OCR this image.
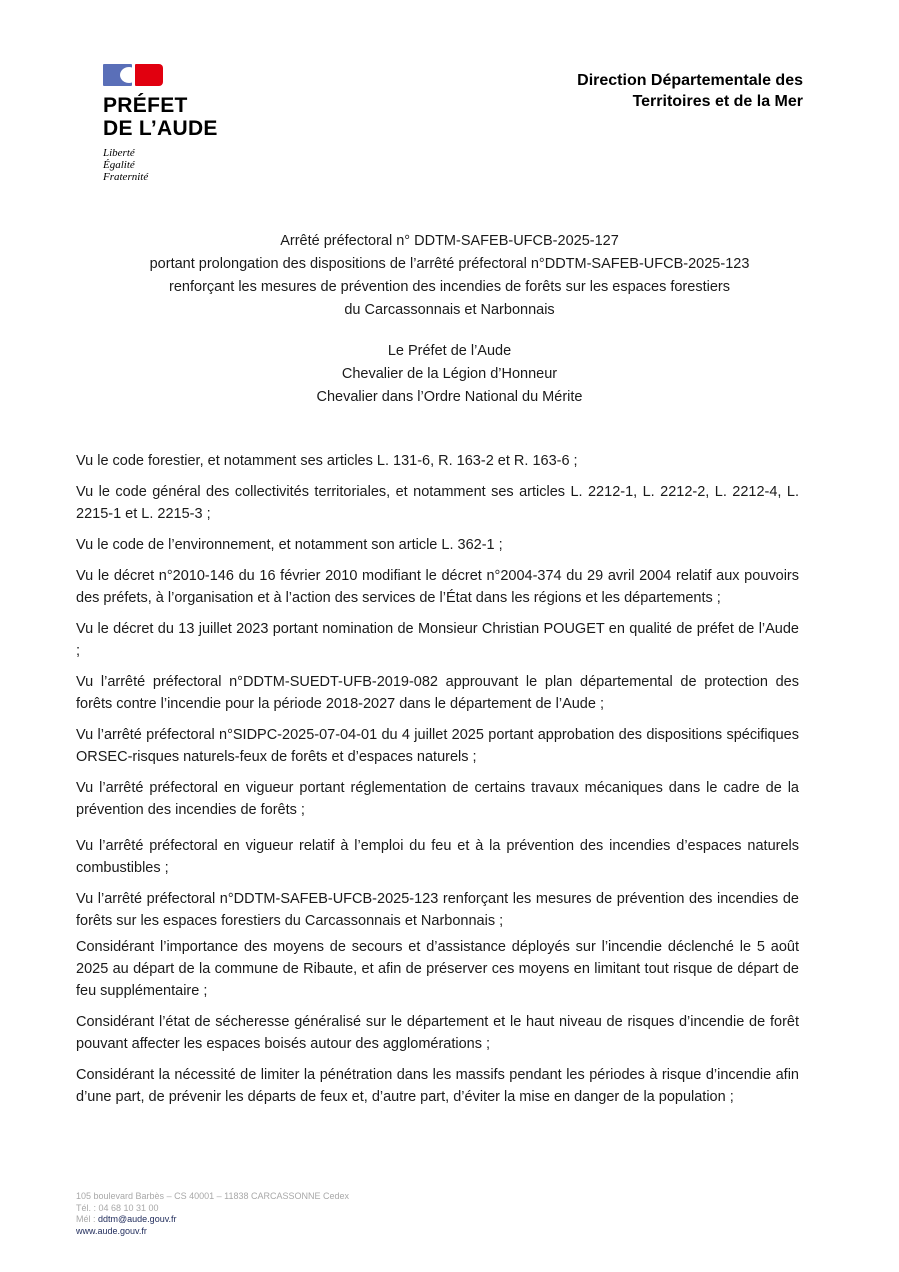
PRÉFET
DE L’AUDE
Liberté
Égalité
Fraternité
Direction Départementale des
Territoires et de la Mer
Arrêté préfectoral n° DDTM-SAFEB-UFCB-2025-127
portant prolongation des dispositions de l’arrêté préfectoral n°DDTM-SAFEB-UFCB-2025-123
renforçant les mesures de prévention des incendies de forêts sur les espaces forestiers
du Carcassonnais et Narbonnais
Le Préfet de l’Aude
Chevalier de la Légion d’Honneur
Chevalier dans l’Ordre National du Mérite

Vu le code forestier, et notamment ses articles L. 131-6, R. 163-2 et R. 163-6 ;

Vu le code général des collectivités territoriales, et notamment ses articles L. 2212-1, L. 2212-2, L. 2212-4, L. 2215-1 et L. 2215-3 ;

Vu le code de l’environnement, et notamment son article L. 362-1 ;

Vu le décret n°2010-146 du 16 février 2010 modifiant le décret n°2004-374 du 29 avril 2004 relatif aux pouvoirs des préfets, à l’organisation et à l’action des services de l’État dans les régions et les départements ;

Vu le décret du 13 juillet 2023 portant nomination de Monsieur Christian POUGET en qualité de préfet de l’Aude ;

Vu l’arrêté préfectoral n°DDTM-SUEDT-UFB-2019-082 approuvant le plan départemental de protection des forêts contre l’incendie pour la période 2018-2027 dans le département de l’Aude ;

Vu l’arrêté préfectoral n°SIDPC-2025-07-04-01 du 4 juillet 2025 portant approbation des dispositions spécifiques ORSEC-risques naturels-feux de forêts et d’espaces naturels ;

Vu l’arrêté préfectoral en vigueur portant réglementation de certains travaux mécaniques dans le cadre de la prévention des incendies de forêts ;

Vu l’arrêté préfectoral en vigueur relatif à l’emploi du feu et à la prévention des incendies d’espaces naturels combustibles ;

Vu l’arrêté préfectoral n°DDTM-SAFEB-UFCB-2025-123 renforçant les mesures de prévention des incendies de forêts sur les espaces forestiers du Carcassonnais et Narbonnais ;

Considérant l’importance des moyens de secours et d’assistance déployés sur l’incendie déclenché le 5 août 2025 au départ de la commune de Ribaute, et afin de préserver ces moyens en limitant tout risque de départ de feu supplémentaire ;

Considérant l’état de sécheresse généralisé sur le département et le haut niveau de risques d’incendie de forêt pouvant affecter les espaces boisés autour des agglomérations ;

Considérant la nécessité de limiter la pénétration dans les massifs pendant les périodes à risque d’incendie afin d’une part, de prévenir les départs de feux et, d’autre part, d’éviter la mise en danger de la population ;

105 boulevard Barbès – CS 40001 – 11838 CARCASSONNE Cedex
Tél. : 04 68 10 31 00
Mél : ddtm@aude.gouv.fr
www.aude.gouv.fr
